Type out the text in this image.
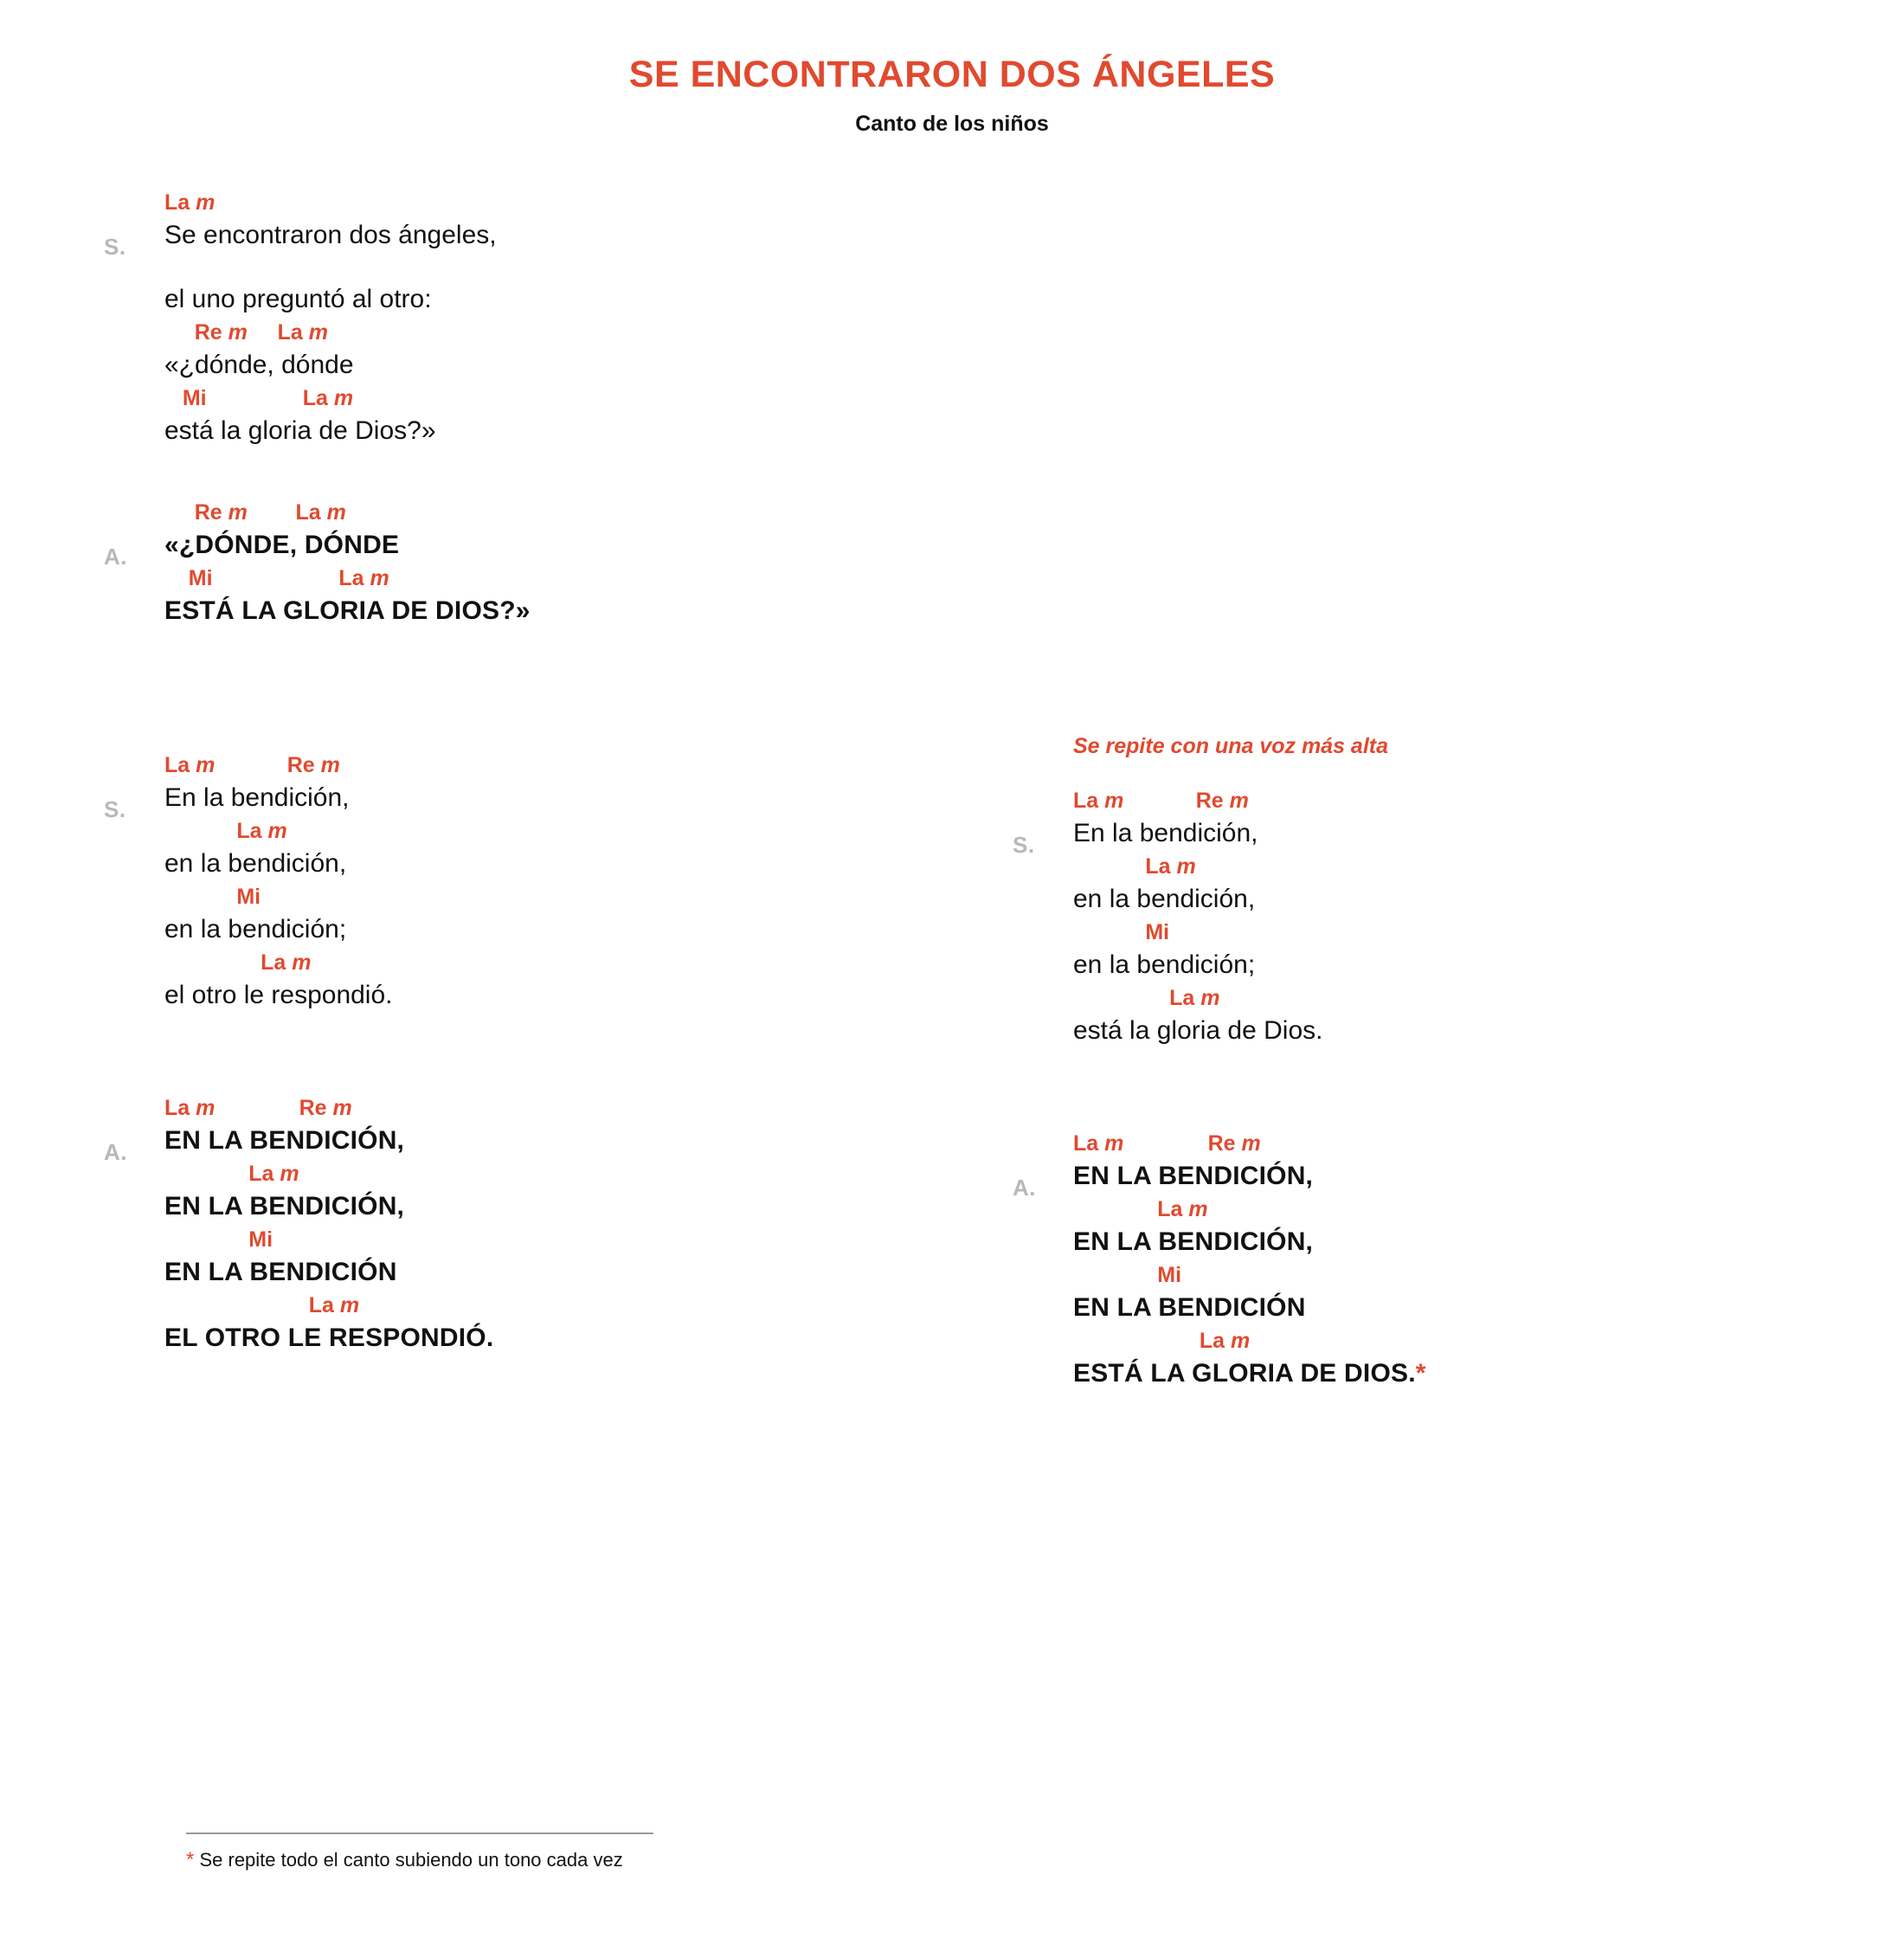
SE ENCONTRARON DOS ÁNGELES
Canto de los niños
S.
La m
Se encontraron dos ángeles,
el uno preguntó al otro:
Re m     La m
«¿dónde, dónde
Mi                La m
está la gloria de Dios?»
A.
Re m        La m
«¿DÓNDE, DÓNDE
Mi                     La m
ESTÁ LA GLORIA DE DIOS?»
S.
La m            Re m
En la bendición,
La m
en la bendición,
Mi
en la bendición;
La m
el otro le respondió.
A.
La m              Re m
EN LA BENDICIÓN,
La m
EN LA BENDICIÓN,
Mi
EN LA BENDICIÓN
La m
EL OTRO LE RESPONDIÓ.
Se repite con una voz más alta
S.
La m            Re m
En la bendición,
La m
en la bendición,
Mi
en la bendición;
La m
está la gloria de Dios.
A.
La m              Re m
EN LA BENDICIÓN,
La m
EN LA BENDICIÓN,
Mi
EN LA BENDICIÓN
La m
ESTÁ LA GLORIA DE DIOS.*
* Se repite todo el canto subiendo un tono cada vez
